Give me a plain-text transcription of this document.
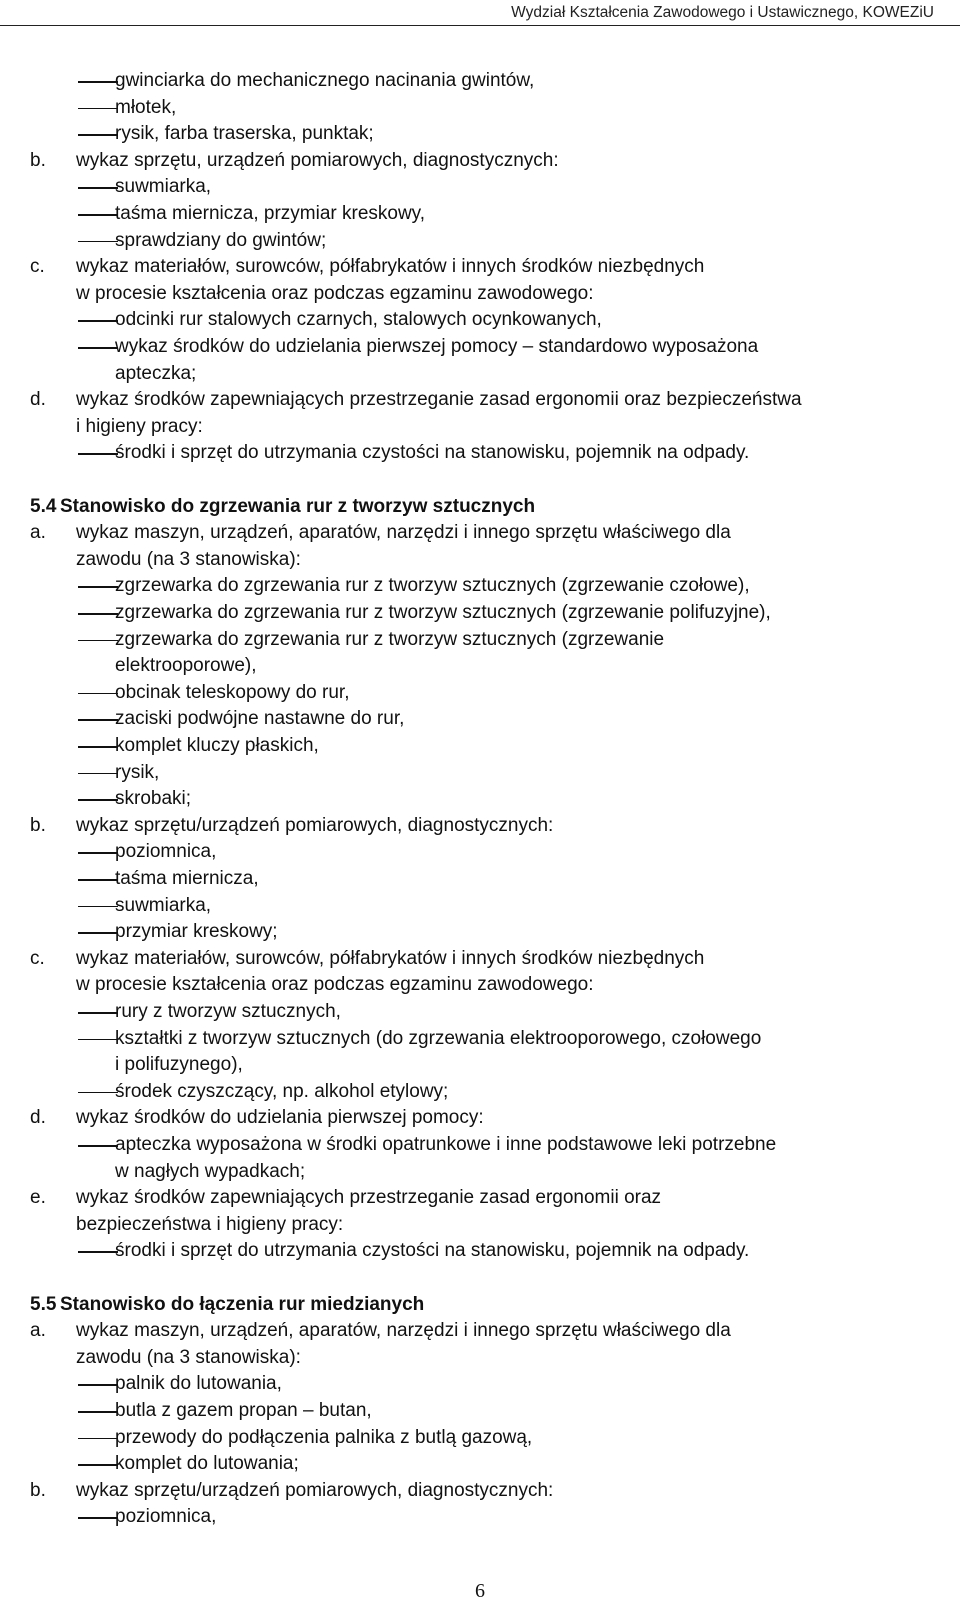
Wydział Kształcenia Zawodowego i Ustawicznego, KOWEZiU
gwinciarka do mechanicznego nacinania gwintów,
młotek,
rysik, farba traserska, punktak;
b. wykaz sprzętu, urządzeń pomiarowych, diagnostycznych:
suwmiarka,
taśma miernicza, przymiar kreskowy,
sprawdziany do gwintów;
c. wykaz materiałów, surowców, półfabrykatów i innych środków niezbędnych
w procesie kształcenia oraz podczas egzaminu zawodowego:
odcinki rur stalowych czarnych, stalowych ocynkowanych,
wykaz środków do udzielania pierwszej pomocy – standardowo wyposażona
apteczka;
d. wykaz środków zapewniających przestrzeganie zasad ergonomii oraz bezpieczeństwa
i higieny pracy:
środki i sprzęt do utrzymania czystości na stanowisku, pojemnik na odpady.
5.4 Stanowisko do zgrzewania rur z tworzyw sztucznych
a. wykaz maszyn, urządzeń, aparatów, narzędzi i innego sprzętu właściwego dla
zawodu (na 3 stanowiska):
zgrzewarka do zgrzewania rur z tworzyw sztucznych (zgrzewanie czołowe),
zgrzewarka do zgrzewania rur z tworzyw sztucznych (zgrzewanie polifuzyjne),
zgrzewarka do zgrzewania rur z tworzyw sztucznych (zgrzewanie
elektrooporowe),
obcinak teleskopowy do rur,
zaciski podwójne nastawne do rur,
komplet kluczy płaskich,
rysik,
skrobaki;
b. wykaz sprzętu/urządzeń pomiarowych, diagnostycznych:
poziomnica,
taśma miernicza,
suwmiarka,
przymiar kreskowy;
c. wykaz materiałów, surowców, półfabrykatów i innych środków niezbędnych
w procesie kształcenia oraz podczas egzaminu zawodowego:
rury z tworzyw sztucznych,
kształtki z tworzyw sztucznych (do zgrzewania elektrooporowego, czołowego
i polifuzynego),
środek czyszczący, np. alkohol etylowy;
d. wykaz środków do udzielania pierwszej pomocy:
apteczka wyposażona w środki opatrunkowe i inne podstawowe leki potrzebne
w nagłych wypadkach;
e. wykaz środków zapewniających przestrzeganie zasad ergonomii oraz
bezpieczeństwa i higieny pracy:
środki i sprzęt do utrzymania czystości na stanowisku, pojemnik na odpady.
5.5 Stanowisko do łączenia rur miedzianych
a. wykaz maszyn, urządzeń, aparatów, narzędzi i innego sprzętu właściwego dla
zawodu (na 3 stanowiska):
palnik do lutowania,
butla z gazem propan – butan,
przewody do podłączenia palnika z butlą gazową,
komplet do lutowania;
b. wykaz sprzętu/urządzeń pomiarowych, diagnostycznych:
poziomnica,
6
